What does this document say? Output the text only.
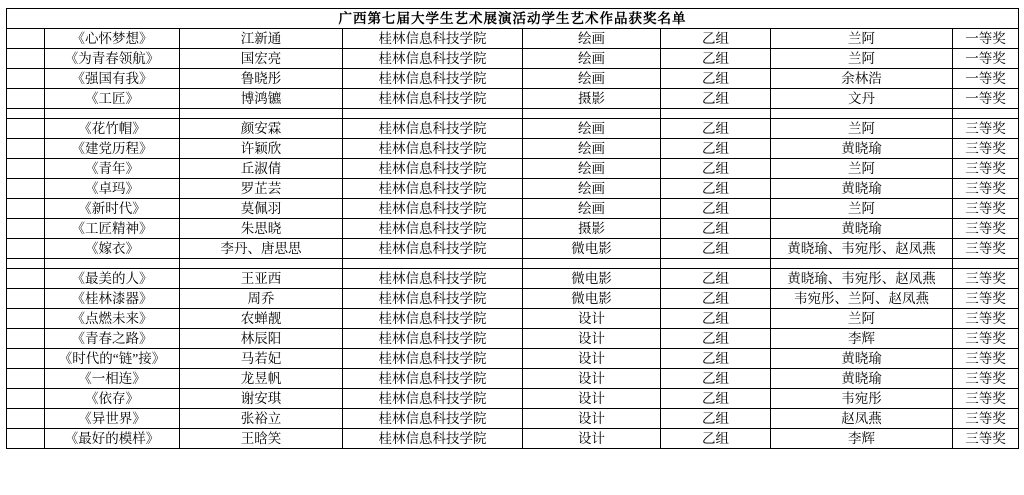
广西第七届大学生艺术展演活动学生艺术作品获奖名单							
	《心怀梦想》	江新通	桂林信息科技学院	绘画	乙组	兰阿	一等奖
	《为青春领航》	国宏亮	桂林信息科技学院	绘画	乙组	兰阿	一等奖
	《强国有我》	鲁晓彤	桂林信息科技学院	绘画	乙组	余林浩	一等奖
	《工匠》	博鸿镳	桂林信息科技学院	摄影	乙组	文丹	一等奖

	《花竹帽》	颜安霖	桂林信息科技学院	绘画	乙组	兰阿	三等奖
	《建党历程》	许颖欣	桂林信息科技学院	绘画	乙组	黄晓瑜	三等奖
	《青年》	丘淑倩	桂林信息科技学院	绘画	乙组	兰阿	三等奖
	《卓玛》	罗芷芸	桂林信息科技学院	绘画	乙组	黄晓瑜	三等奖
	《新时代》	莫佩羽	桂林信息科技学院	绘画	乙组	兰阿	三等奖
	《工匠精神》	朱思晓	桂林信息科技学院	摄影	乙组	黄晓瑜	三等奖
	《嫁衣》	李丹、唐思思	桂林信息科技学院	微电影	乙组	黄晓瑜、韦宛彤、赵凤燕	三等奖

	《最美的人》	王亚西	桂林信息科技学院	微电影	乙组	黄晓瑜、韦宛彤、赵凤燕	三等奖
	《桂林漆器》	周乔	桂林信息科技学院	微电影	乙组	韦宛彤、兰阿、赵凤燕	三等奖
	《点燃未来》	农蝉靓	桂林信息科技学院	设计	乙组	兰阿	三等奖
	《青春之路》	林辰阳	桂林信息科技学院	设计	乙组	李辉	三等奖
	《时代的“链”接》	马若妃	桂林信息科技学院	设计	乙组	黄晓瑜	三等奖
	《一相连》	龙昱帆	桂林信息科技学院	设计	乙组	黄晓瑜	三等奖
	《依存》	谢安琪	桂林信息科技学院	设计	乙组	韦宛彤	三等奖
	《异世界》	张裕立	桂林信息科技学院	设计	乙组	赵凤燕	三等奖
	《最好的模样》	王晗笑	桂林信息科技学院	设计	乙组	李辉	三等奖
